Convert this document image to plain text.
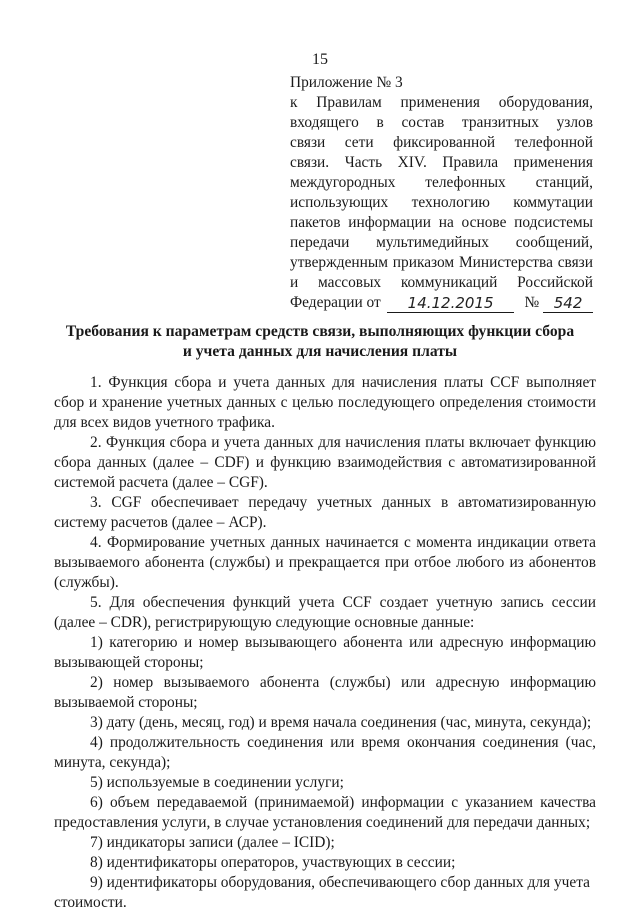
15
Приложение № 3
к Правилам применения оборудования,
входящего в состав транзитных узлов
связи сети фиксированной телефонной
связи. Часть XIV. Правила применения
междугородных телефонных станций,
использующих технологию коммутации
пакетов информации на основе подсистемы
передачи мультимедийных сообщений,
утвержденным приказом Министерства связи
и массовых коммуникаций Российской
Федерации от	14.12.2015	№ 542
Требования к параметрам средств связи, выполняющих функции сбора
и учета данных для начисления платы

1. Функция сбора и учета данных для начисления платы CCF выполняет сбор и хранение учетных данных с целью последующего определения стоимости для всех видов учетного трафика.

2. Функция сбора и учета данных для начисления платы включает функцию сбора данных (далее – CDF) и функцию взаимодействия с автоматизированной системой расчета (далее – CGF).

3. CGF обеспечивает передачу учетных данных в автоматизированную систему расчетов (далее – АСР).

4. Формирование учетных данных начинается с момента индикации ответа вызываемого абонента (службы) и прекращается при отбое любого из абонентов (службы).

5. Для обеспечения функций учета CCF создает учетную запись сессии (далее – CDR), регистрирующую следующие основные данные:

1) категорию и номер вызывающего абонента или адресную информацию вызывающей стороны;

2) номер вызываемого абонента (службы) или адресную информацию вызываемой стороны;

3) дату (день, месяц, год) и время начала соединения (час, минута, секунда);

4) продолжительность соединения или время окончания соединения (час, минута, секунда);

5) используемые в соединении услуги;

6) объем передаваемой (принимаемой) информации с указанием качества предоставления услуги, в случае установления соединений для передачи данных;

7) индикаторы записи (далее – ICID);

8) идентификаторы операторов, участвующих в сессии;

9) идентификаторы оборудования, обеспечивающего сбор данных для учета стоимости.
